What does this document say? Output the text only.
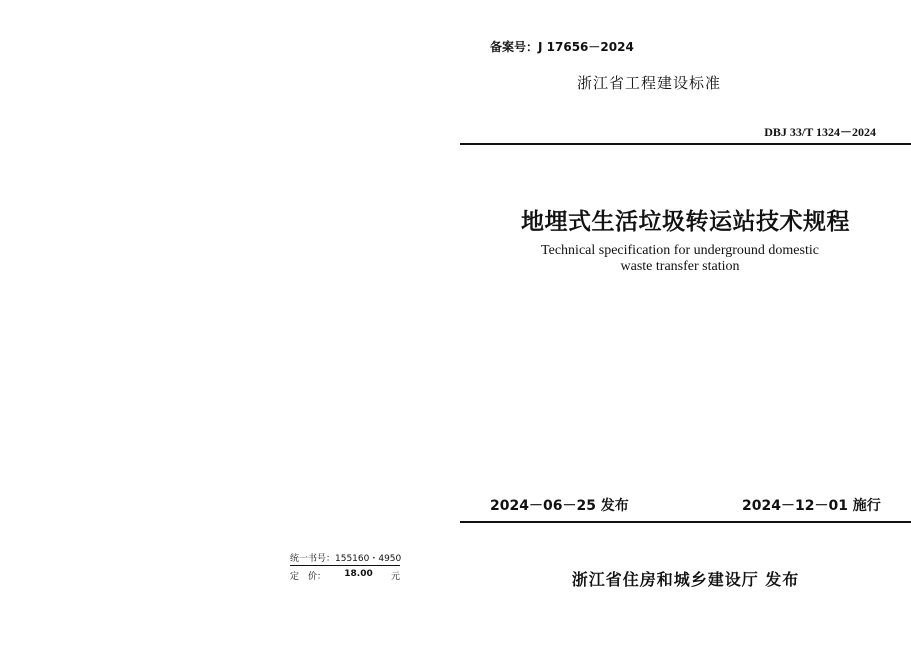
备案号：J 17656－2024
浙江省工程建设标准
DBJ 33/T 1324－2024
地埋式生活垃圾转运站技术规程
Technical specification for underground domestic
waste transfer station
2024－06－25 发布	2024－12－01 施行
浙江省住房和城乡建设厅 发布
统一书号：155160・4950
定　价： 18.00 元
